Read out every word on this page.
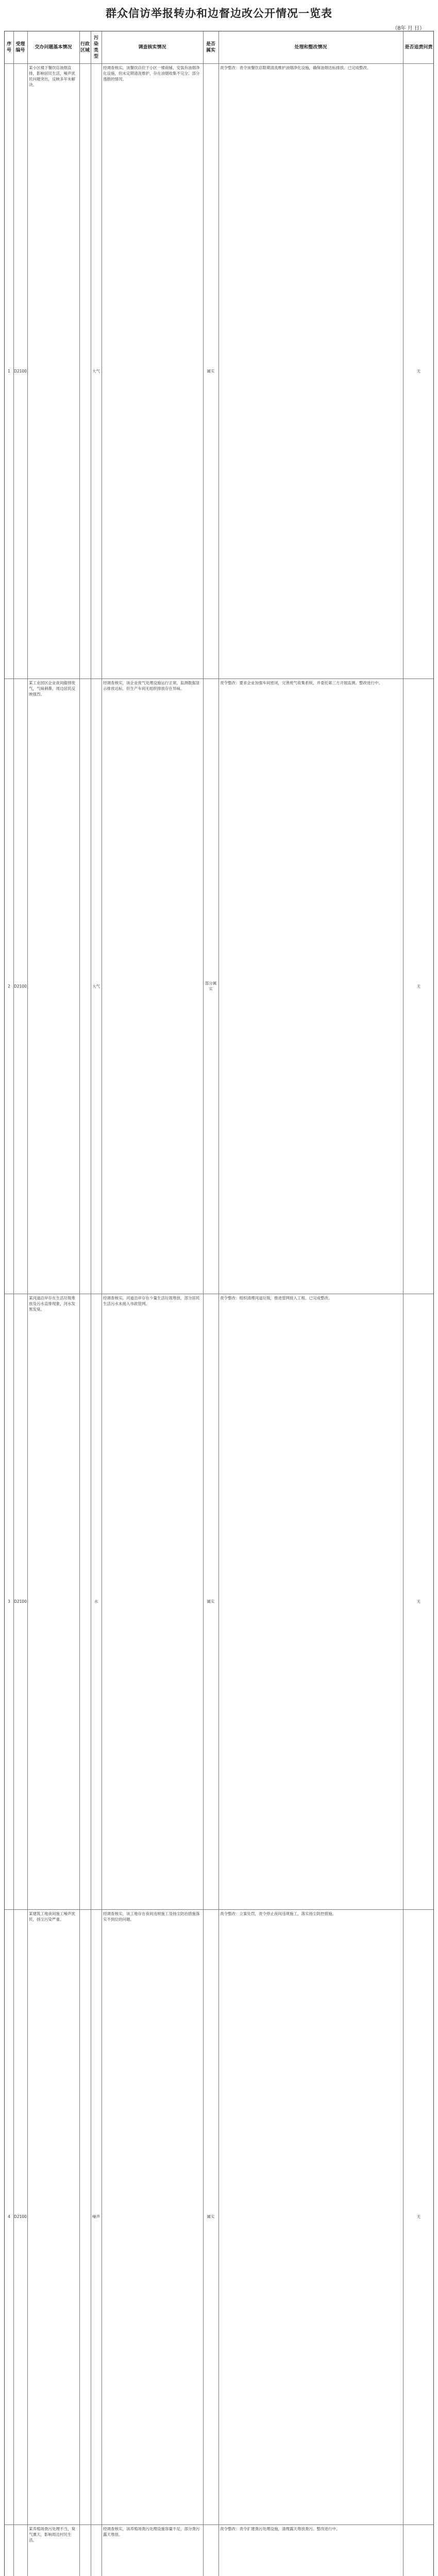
群众信访举报转办和边督边改公开情况一览表
（8年 月 日）
序号
受理编号
交办问题基本情况
行政区域
污染类型
调查核实情况
是否属实
处理和整改情况	是否追责问责
1 D2100
某小区楼下餐饮店油烟直排，影响居民生活，噪声扰民问题突出，反映多年未解决。
大气
经调查核实，该餐饮店位于小区一楼商铺，安装有油烟净化设施，但未定期清洗维护，存在油烟收集不完全、部分逸散的情况。
属实
责令整改：责令该餐饮店限期清洗维护油烟净化设施，确保油烟达标排放。已完成整改。
无
2 D2100
某工业园区企业夜间偷排废气，气味刺鼻，周边居民反映强烈。
大气
经调查核实，该企业废气处理设施运行正常，监测数据显示排放达标，但生产车间无组织排放存在异味。
部分属实
责令整改：要求企业加强车间密闭，完善废气收集系统，并委托第三方开展监测。整改进行中。
无
3 D2100
某河道沿岸存在生活垃圾堆放及污水直排现象，河水发黑发臭。
水
经调查核实，河道沿岸存在少量生活垃圾堆放，部分居民生活污水未接入市政管网。
属实
责令整改：组织清理河道垃圾，推进管网接入工程。已完成整改。
无
4 D2100
某建筑工地夜间施工噪声扰民，扬尘污染严重。
噪声
经调查核实，该工地存在夜间违规施工及扬尘防治措施落实不到位的问题。
属实
责令整改：立案处罚，责令停止夜间违规施工，落实扬尘防控措施。
无
某养殖场粪污处理不当，臭气熏天，影响周边村民生活。
经调查核实，该养殖场粪污处理设施容量不足，部分粪污露天堆放。
责令整改：责令扩建粪污处理设施，清理露天堆放粪污。整改进行中。
